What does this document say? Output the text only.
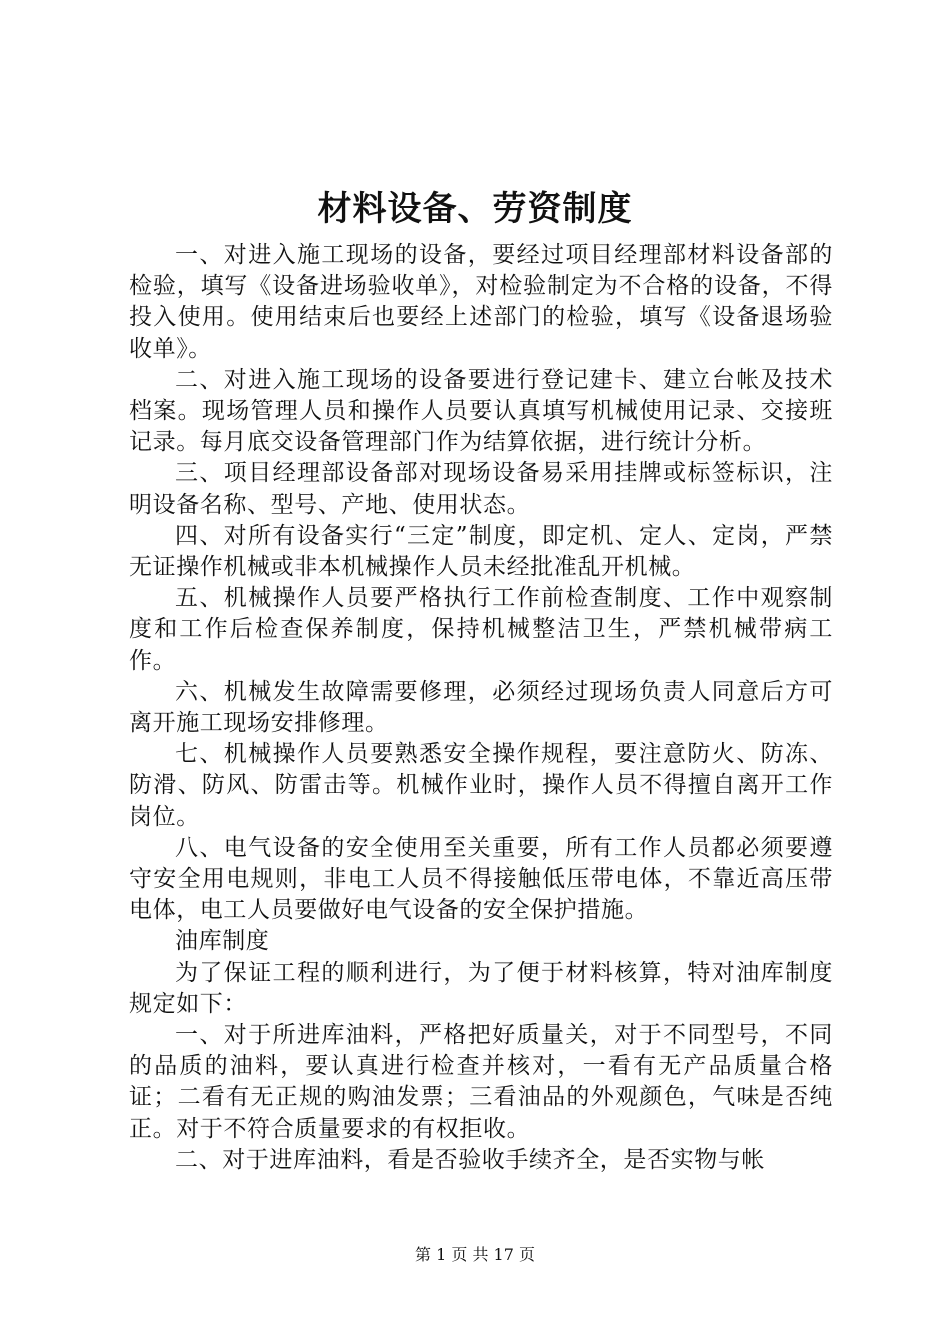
材料设备、劳资制度

一、对进入施工现场的设备，要经过项目经理部材料设备部的检验，填写《设备进场验收单》，对检验制定为不合格的设备，不得投入使用。使用结束后也要经上述部门的检验，填写《设备退场验收单》。

二、对进入施工现场的设备要进行登记建卡、建立台帐及技术档案。现场管理人员和操作人员要认真填写机械使用记录、交接班记录。每月底交设备管理部门作为结算依据，进行统计分析。

三、项目经理部设备部对现场设备易采用挂牌或标签标识，注明设备名称、型号、产地、使用状态。

四、对所有设备实行“三定”制度，即定机、定人、定岗，严禁无证操作机械或非本机械操作人员未经批准乱开机械。

五、机械操作人员要严格执行工作前检查制度、工作中观察制度和工作后检查保养制度，保持机械整洁卫生，严禁机械带病工作。

六、机械发生故障需要修理，必须经过现场负责人同意后方可离开施工现场安排修理。

七、机械操作人员要熟悉安全操作规程，要注意防火、防冻、防滑、防风、防雷击等。机械作业时，操作人员不得擅自离开工作岗位。

八、电气设备的安全使用至关重要，所有工作人员都必须要遵守安全用电规则，非电工人员不得接触低压带电体，不靠近高压带电体，电工人员要做好电气设备的安全保护措施。

油库制度

为了保证工程的顺利进行，为了便于材料核算，特对油库制度规定如下：

一、对于所进库油料，严格把好质量关，对于不同型号，不同的品质的油料，要认真进行检查并核对，一看有无产品质量合格证；二看有无正规的购油发票；三看油品的外观颜色，气味是否纯正。对于不符合质量要求的有权拒收。

二、对于进库油料，看是否验收手续齐全，是否实物与帐

第 1 页 共 17 页
